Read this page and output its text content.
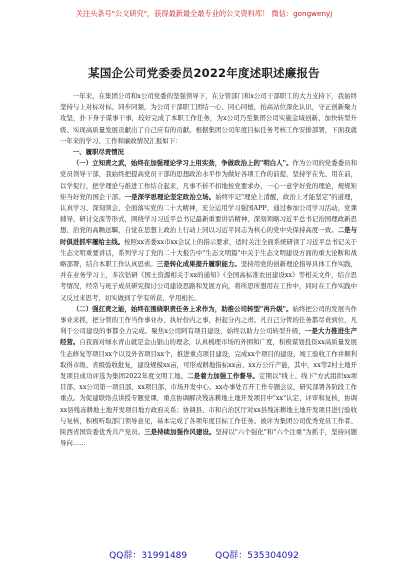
关注头条号"公文研究"，获得最新最全最专业的公文资料库！ 微信：gongwenyj
某国企公司党委委员2022年度述职述廉报告

一年来，在集团公司和x公司党委的坚强领导下，在分管部门和x公司干部职工的大力支持下，我始终坚持与上对标对标、同步同频，为公司干部职工团结一心、同心同德，抬高站位深化认识，守正创新聚力攻坚，扑下身子谋事干事，较好完成了本职工作任务，为x公司乃至集团公司实施金域创新、加快转型升级、实现高质量发展贡献出了自己应有的贡献。根据集团公司年度目标任务考核工作安排部署，下面我就一年来的学习、工作和廉政情况汇报如下：

一、履职尽责情况

（一）立知责之武，始终在加强理论学习上用实劲，争做政治上的"明白人"。作为公司的党委委员和党员领导干部，我始终把提高党员干部的思想政治水平作为做好各项工作的前提，坚持学在先、用在前，以学促行，把学理论与推进工作结合起来，凡事不折不扣地按党要求办，一心一意学好党的理论，规规矩矩当好党的国企干部。一是深学思理论坚定政治立场。始终牢记"理论上清醒，政治上才能坚定"的道理，认真学习、深刻领会、全面落实党的二十大精神，充分运用学习强国APP，通过参加公司学习活动，党课辅导，研讨交流等形式，围绕学习习近平总书记最新重要讲话精神，深刻领略习近平总书记治国理政新思想、治党的高瞻远瞩，自觉在思想上政治上行动上同以习近平同志为核心的党中央保持高度一致。二是与时俱进抓牢履给主线。按照xx省委xx市xx会议上的指示要求，适时关注全面系统研读了习近平总书记关于生态文明重要讲话，系列学习了党的二十大报告中"生态文明篇"中关于生态文明建设方面的重大论断和战略部署，结合本职工作认真思索。三是转化成果提升履职能力。坚持用党的创新理论指导具体工作实践，并在业务学习上，多次钻研《国土资源相关于xx的通知》《全国高标准农田建设xx》等相关文件，结合思考情况，经常与班子成员研究探讨公司建设思路和发展方向，将所思所想用在工作中，同时在工作实践中又反过来思考，切实做到了学有所获、学用相长。

（二）强扛责之能，始终在围绕职责任务上求作为，助推公司转型"再升级"。始终把公司的发展当作事业来抓，把分管的工作当作事业办，执好份内之事，担起分内之责。凡自己分管的任务都尽责到位，凡利于公司建设的事都全力完成。聚焦x公司阿有项目建设，始终以助力公司转型升级，一是大力推进生产经营。自我面对绿水青山就是金山银山的理念，认真梳理市场的外围和广度，积极谋划投资xx高质量发展生态修复等项目xx个以及外省项目xx个，推进重点项目建设，完成xx个项目的建设，竣工验收工作并顺利取得市级、省级验收批复，建设规模xx亩，可形成耕地指标xx亩、xx万公斤产能，其中，xx等2村土地开发项目成功评选为集团2022年度文明工地。二是着力加强工作督导。定期以"线上、线下"方式组织xx项目部、xx公司第一项目部、xx项目部、市场开发中心、xx办事处召开工作专题会议，研究部署各阶段工作重点。为促建联络点讲授专题党课，重点协调解决残冻耕地土地开发项目中"xx"认定、评审和复核，协调xx县残冻耕地土地开发项目地方政府关系；协调县、市和自治区厅对xx县残冻耕地土地开发项目进行验收与复核，积极听取部门领导意见，基本完成了各项年度目标工作任务。被评为集团公司优秀党员工作者、陕西省国资委优秀共产党员。三是持续加强作风建设。坚持以"六个强化"和"六个注重"为抓手，坚持问题导向……

QQ群：31991489	QQ群：535304092
